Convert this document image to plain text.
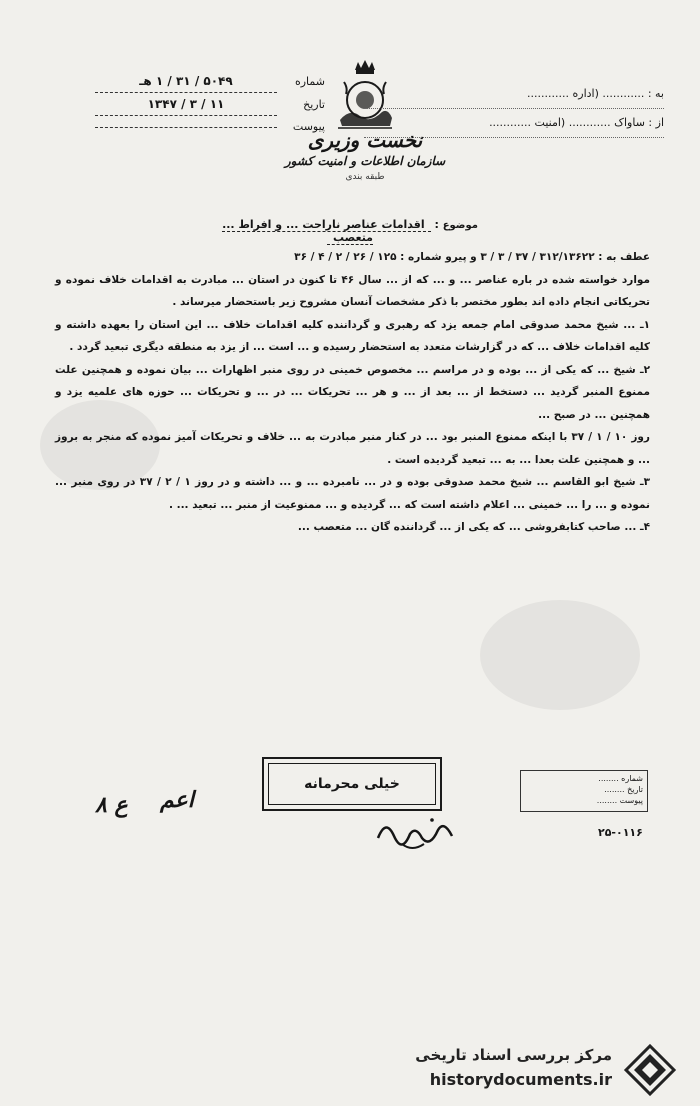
شماره
۵۰۴۹ / ۳۱ / ۱ هـ
تاریخ
۱۱ / ۳ / ۱۳۴۷
پیوست
نخست وزیری
سازمان اطلاعات و امنیت کشور
طبقه بندی
به : ............ (اداره ............
از : ساواک ............ (امنیت ............
موضوع : اقدامات عناصر ناراحت ... و افراط ... متعصب

عطف به : ۳۱۲/۱۳۶۲۲ / ۳۷ / ۳ / ۳ و پیرو شماره : ۱۲۵ / ۲۶ / ۲ / ۴ / ۳۶

موارد خواسته شده در باره عناصر ... و ... که از ... سال ۴۶ تا کنون در استان ... مبادرت به اقدامات خلاف نموده و تحریکاتی انجام داده اند بطور مختصر با ذکر مشخصات آنسان مشروح زیر باستحضار میرساند .

۱ـ ... شیخ محمد صدوقی امام جمعه یزد که رهبری و گرداننده کلیه اقدامات خلاف ... این استان را بعهده داشته و کلیه اقدامات خلاف ... که در گزارشات متعدد به استحضار رسیده و ... است ... از یزد به منطقه دیگری تبعید گردد .

۲ـ شیخ ... که یکی از ... بوده و در مراسم ... مخصوص خمینی در روی منبر اظهارات ... بیان نموده و همچنین علت ممنوع المنبر گردید ... دستخط از ... بعد از ... و هر ... تحریکات ... در ... و تحریکات ... حوزه های علمیه یزد و همچنین ... در صبح ...

روز ۱۰ / ۱ / ۳۷ با اینکه ممنوع المنبر بود ... در کنار منبر مبادرت به ... خلاف و تحریکات آمیز نموده که منجر به بروز ... و همچنین علت بعدا ... به ... تبعید گردیده است .

۳ـ شیخ ابو القاسم ... شیخ محمد صدوقی بوده و در ... نامبرده ... و ... داشته و در روز ۱ / ۲ / ۳۷ در روی منبر ... نموده و ... را ... خمینی ... اعلام داشته است که ... گردیده و ... ممنوعیت از منبر ... تبعید ... .

۴ـ ... صاحب کتابفروشی ... که یکی از ... گرداننده گان ... متعصب ...

۸ ع اعم
خیلی محرمانه	شماره ........
تاریخ ........
پیوست ........
۲۵-۰۱۱۶
مرکز بررسی اسناد تاریخی
historydocuments.ir
